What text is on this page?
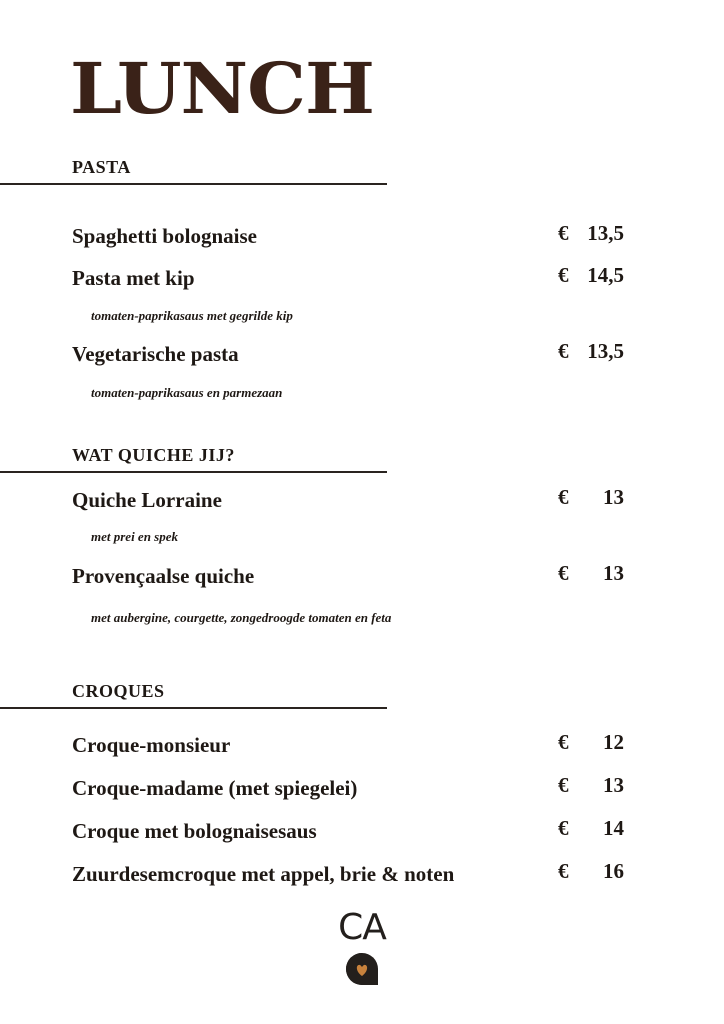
LUNCH
PASTA
Spaghetti bolognaise	€ 13,5
Pasta met kip	€ 14,5
tomaten-paprikasaus met gegrilde kip
Vegetarische pasta	€ 13,5
tomaten-paprikasaus en parmezaan
WAT QUICHE JIJ?
Quiche Lorraine	€ 13
met prei en spek
Provençaalse quiche	€ 13
met aubergine, courgette, zongedroogde tomaten en feta
CROQUES
Croque-monsieur	€ 12
Croque-madame (met spiegelei)	€ 13
Croque met bolognaisesaus	€ 14
Zuurdesemcroque met appel, brie & noten	€ 16
CA
